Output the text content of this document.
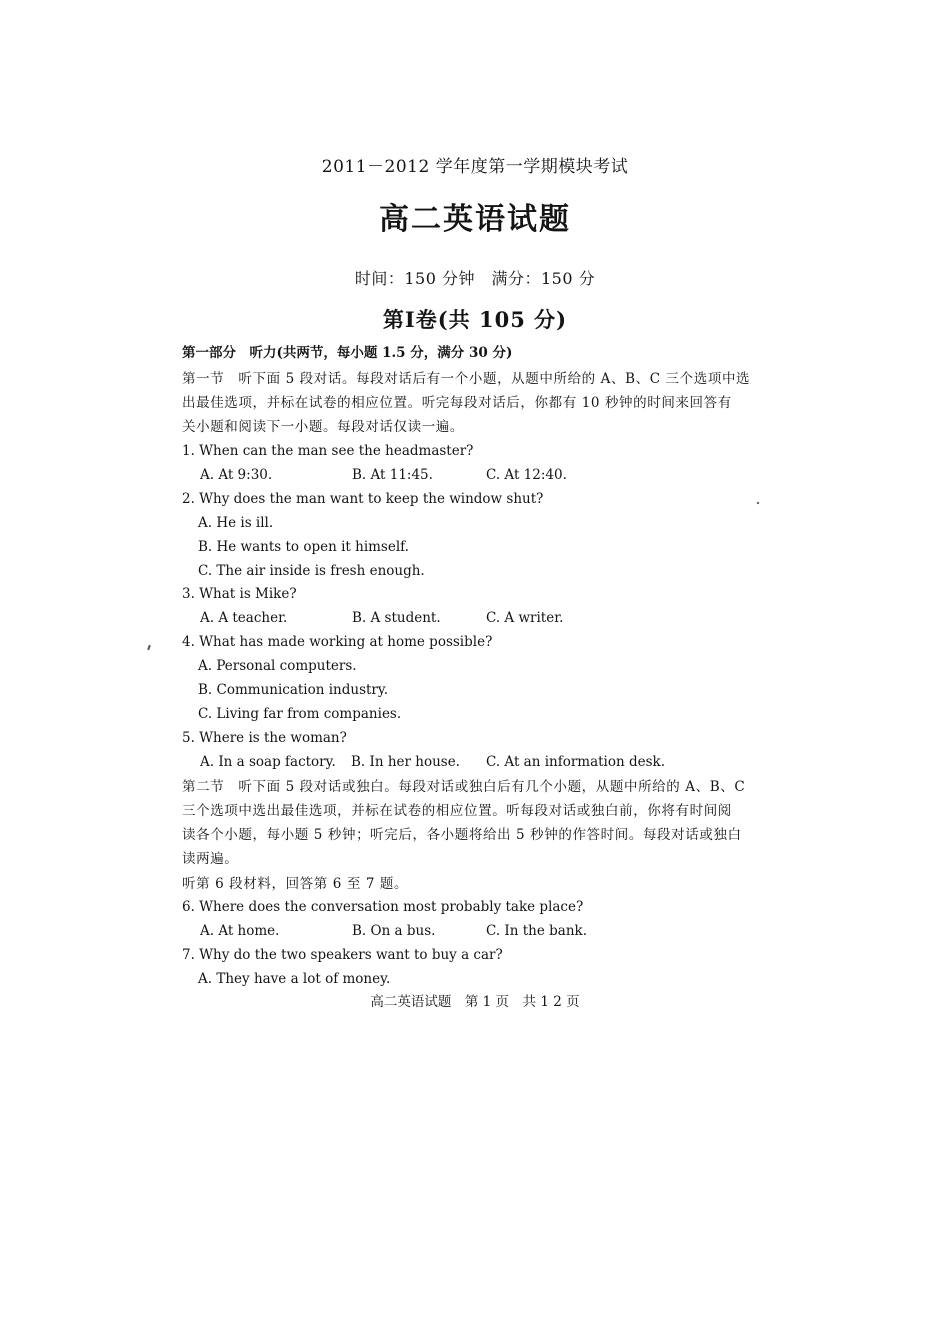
2011－2012 学年度第一学期模块考试
高二英语试题
时间：150 分钟　满分：150 分
第Ⅰ卷(共 105 分)
第一部分　听力(共两节，每小题 1.5 分，满分 30 分)
第一节　听下面 5 段对话。每段对话后有一个小题，从题中所给的 A、B、C 三个选项中选
出最佳选项，并标在试卷的相应位置。听完每段对话后，你都有 10 秒钟的时间来回答有
关小题和阅读下一小题。每段对话仅读一遍。
1. When can the man see the headmaster?
A. At 9:30.	B. At 11:45.	C. At 12:40.
2. Why does the man want to keep the window shut?
A. He is ill.
B. He wants to open it himself.
C. The air inside is fresh enough.
3. What is Mike?
A. A teacher.	B. A student.	C. A writer.
4. What has made working at home possible?
A. Personal computers.
B. Communication industry.
C. Living far from companies.
5. Where is the woman?
A. In a soap factory. B. In her house. C. At an information desk.
第二节　听下面 5 段对话或独白。每段对话或独白后有几个小题，从题中所给的 A、B、C
三个选项中选出最佳选项，并标在试卷的相应位置。听每段对话或独白前，你将有时间阅
读各个小题，每小题 5 秒钟；听完后，各小题将给出 5 秒钟的作答时间。每段对话或独白
读两遍。
听第 6 段材料，回答第 6 至 7 题。
6. Where does the conversation most probably take place?
A. At home.	B. On a bus.	C. In the bank.
7. Why do the two speakers want to buy a car?
A. They have a lot of money.
高二英语试题　第 1 页　共 1 2 页
